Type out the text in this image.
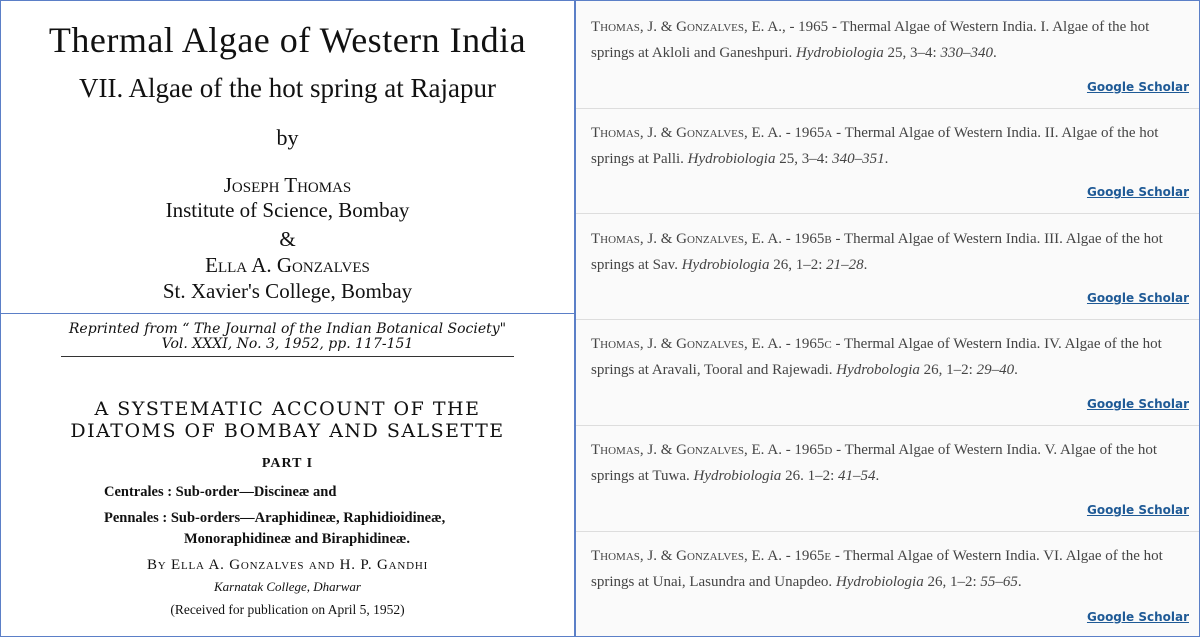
Thermal Algae of Western India
VII. Algae of the hot spring at Rajapur
by
Joseph Thomas
Institute of Science, Bombay
&
Ella A. Gonzalves
St. Xavier's College, Bombay
Reprinted from “ The Journal of the Indian Botanical Society"
Vol. XXXI, No. 3, 1952, pp. 117-151
A SYSTEMATIC ACCOUNT OF THE
DIATOMS OF BOMBAY AND SALSETTE
PART I
Centrales : Sub-order—Discineæ and
Pennales : Sub-orders—Araphidineæ, Raphidioidineæ,
Monoraphidineæ and Biraphidineæ.
By Ella A. Gonzalves and H. P. Gandhi
Karnatak College, Dharwar
(Received for publication on April 5, 1952)
Thomas, J. & Gonzalves, E. A., - 1965 - Thermal Algae of Western India. I. Algae of the hot springs at Akloli and Ganeshpuri. Hydrobiologia 25, 3–4: 330–340.
Google Scholar
Thomas, J. & Gonzalves, E. A. - 1965a - Thermal Algae of Western India. II. Algae of the hot springs at Palli. Hydrobiologia 25, 3–4: 340–351.
Google Scholar
Thomas, J. & Gonzalves, E. A. - 1965b - Thermal Algae of Western India. III. Algae of the hot springs at Sav. Hydrobiologia 26, 1–2: 21–28.
Google Scholar
Thomas, J. & Gonzalves, E. A. - 1965c - Thermal Algae of Western India. IV. Algae of the hot springs at Aravali, Tooral and Rajewadi. Hydrobologia 26, 1–2: 29–40.
Google Scholar
Thomas, J. & Gonzalves, E. A. - 1965d - Thermal Algae of Western India. V. Algae of the hot springs at Tuwa. Hydrobiologia 26. 1–2: 41–54.
Google Scholar
Thomas, J. & Gonzalves, E. A. - 1965e - Thermal Algae of Western India. VI. Algae of the hot springs at Unai, Lasundra and Unapdeo. Hydrobiologia 26, 1–2: 55–65.
Google Scholar
